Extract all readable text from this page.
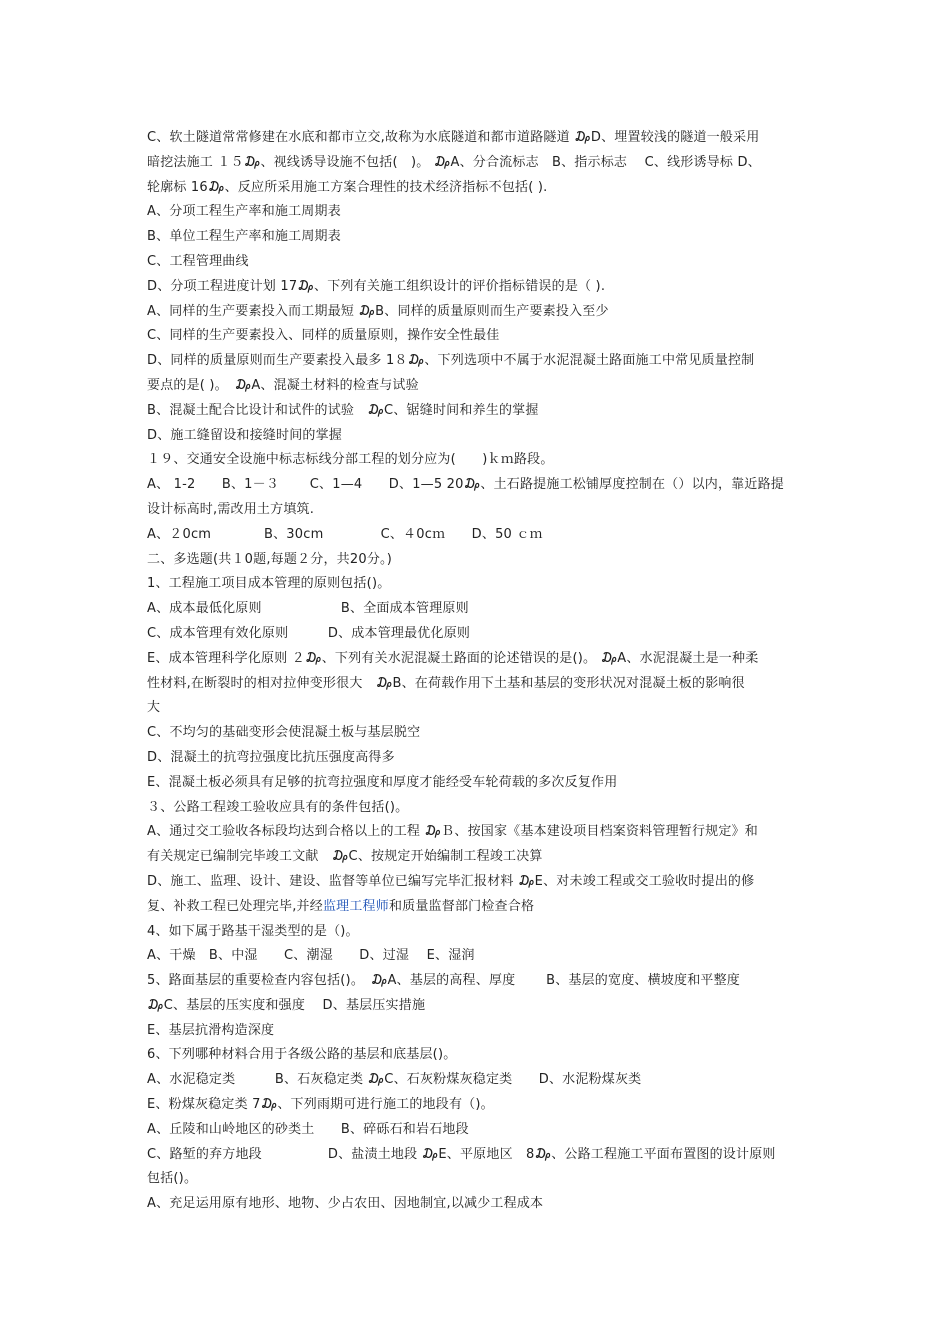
C、软土隧道常常修建在水底和都市立交,故称为水底隧道和都市道路隧道 ₯D、埋置较浅的隧道一般采用
暗挖法施工 １５₯、视线诱导设施不包括(　)。 ₯A、分合流标志　B、指示标志　 C、线形诱导标 D、
轮廓标 16₯、反应所采用施工方案合理性的技术经济指标不包括( ).
A、分项工程生产率和施工周期表
B、单位工程生产率和施工周期表
C、工程管理曲线
D、分项工程进度计划 17₯、下列有关施工组织设计的评价指标错误的是（ ).
A、同样的生产要素投入而工期最短 ₯B、同样的质量原则而生产要素投入至少
C、同样的生产要素投入、同样的质量原则，操作安全性最佳
D、同样的质量原则而生产要素投入最多 1８₯、下列选项中不属于水泥混凝土路面施工中常见质量控制
要点的是( )。　₯A、混凝土材料的检查与试验
B、混凝土配合比设计和试件的试验　₯C、锯缝时间和养生的掌握
D、施工缝留设和接缝时间的掌握
１９、交通安全设施中标志标线分部工程的划分应为(　　)ｋｍ路段。
A、 1-2　　B、1－３　　 C、1—4　　D、1—5 20₯、土石路提施工松铺厚度控制在（）以内，靠近路提
设计标高时,需改用土方填筑.
A、２0cm　　　　B、30cm　　　　 C、４0cｍ　　D、50 ｃｍ
二、多选题(共１0题,每题２分，共20分。)
1、工程施工项目成本管理的原则包括()。
A、成本最低化原则　　　　　　B、全面成本管理原则
C、成本管理有效化原则　　　D、成本管理最优化原则
E、成本管理科学化原则 ２₯、下列有关水泥混凝土路面的论述错误的是()。 ₯A、水泥混凝土是一种柔
性材料,在断裂时的相对拉伸变形很大　₯B、在荷载作用下土基和基层的变形状况对混凝土板的影响很
大
C、不均匀的基础变形会使混凝土板与基层脱空
D、混凝土的抗弯拉强度比抗压强度高得多
E、混凝土板必须具有足够的抗弯拉强度和厚度才能经受车轮荷载的多次反复作用
３、公路工程竣工验收应具有的条件包括()。
A、通过交工验收各标段均达到合格以上的工程 ₯Ｂ、按国家《基本建设项目档案资料管理暂行规定》和
有关规定已编制完毕竣工文献　₯C、按规定开始编制工程竣工决算
D、施工、监理、设计、建设、监督等单位已编写完毕汇报材料 ₯E、对未竣工程或交工验收时提出的修
复、补救工程已处理完毕,并经监理工程师和质量监督部门检查合格
4、如下属于路基干湿类型的是（)。
A、干燥　B、中湿　　C、潮湿　　D、过湿　 E、湿润
5、路面基层的重要检查内容包括()。　₯A、基层的高程、厚度　　 B、基层的宽度、横坡度和平整度
₯C、基层的压实度和强度　 D、基层压实措施
E、基层抗滑构造深度
6、下列哪种材料合用于各级公路的基层和底基层()。
A、水泥稳定类　　　B、石灰稳定类 ₯C、石灰粉煤灰稳定类　　D、水泥粉煤灰类
E、粉煤灰稳定类 7₯、下列雨期可进行施工的地段有（)。
A、丘陵和山岭地区的砂类土　　B、碎砾石和岩石地段
C、路堑的弃方地段　　　　　D、盐渍土地段 ₯E、平原地区　8₯、公路工程施工平面布置图的设计原则
包括()。
A、充足运用原有地形、地物、少占农田、因地制宜,以减少工程成本
